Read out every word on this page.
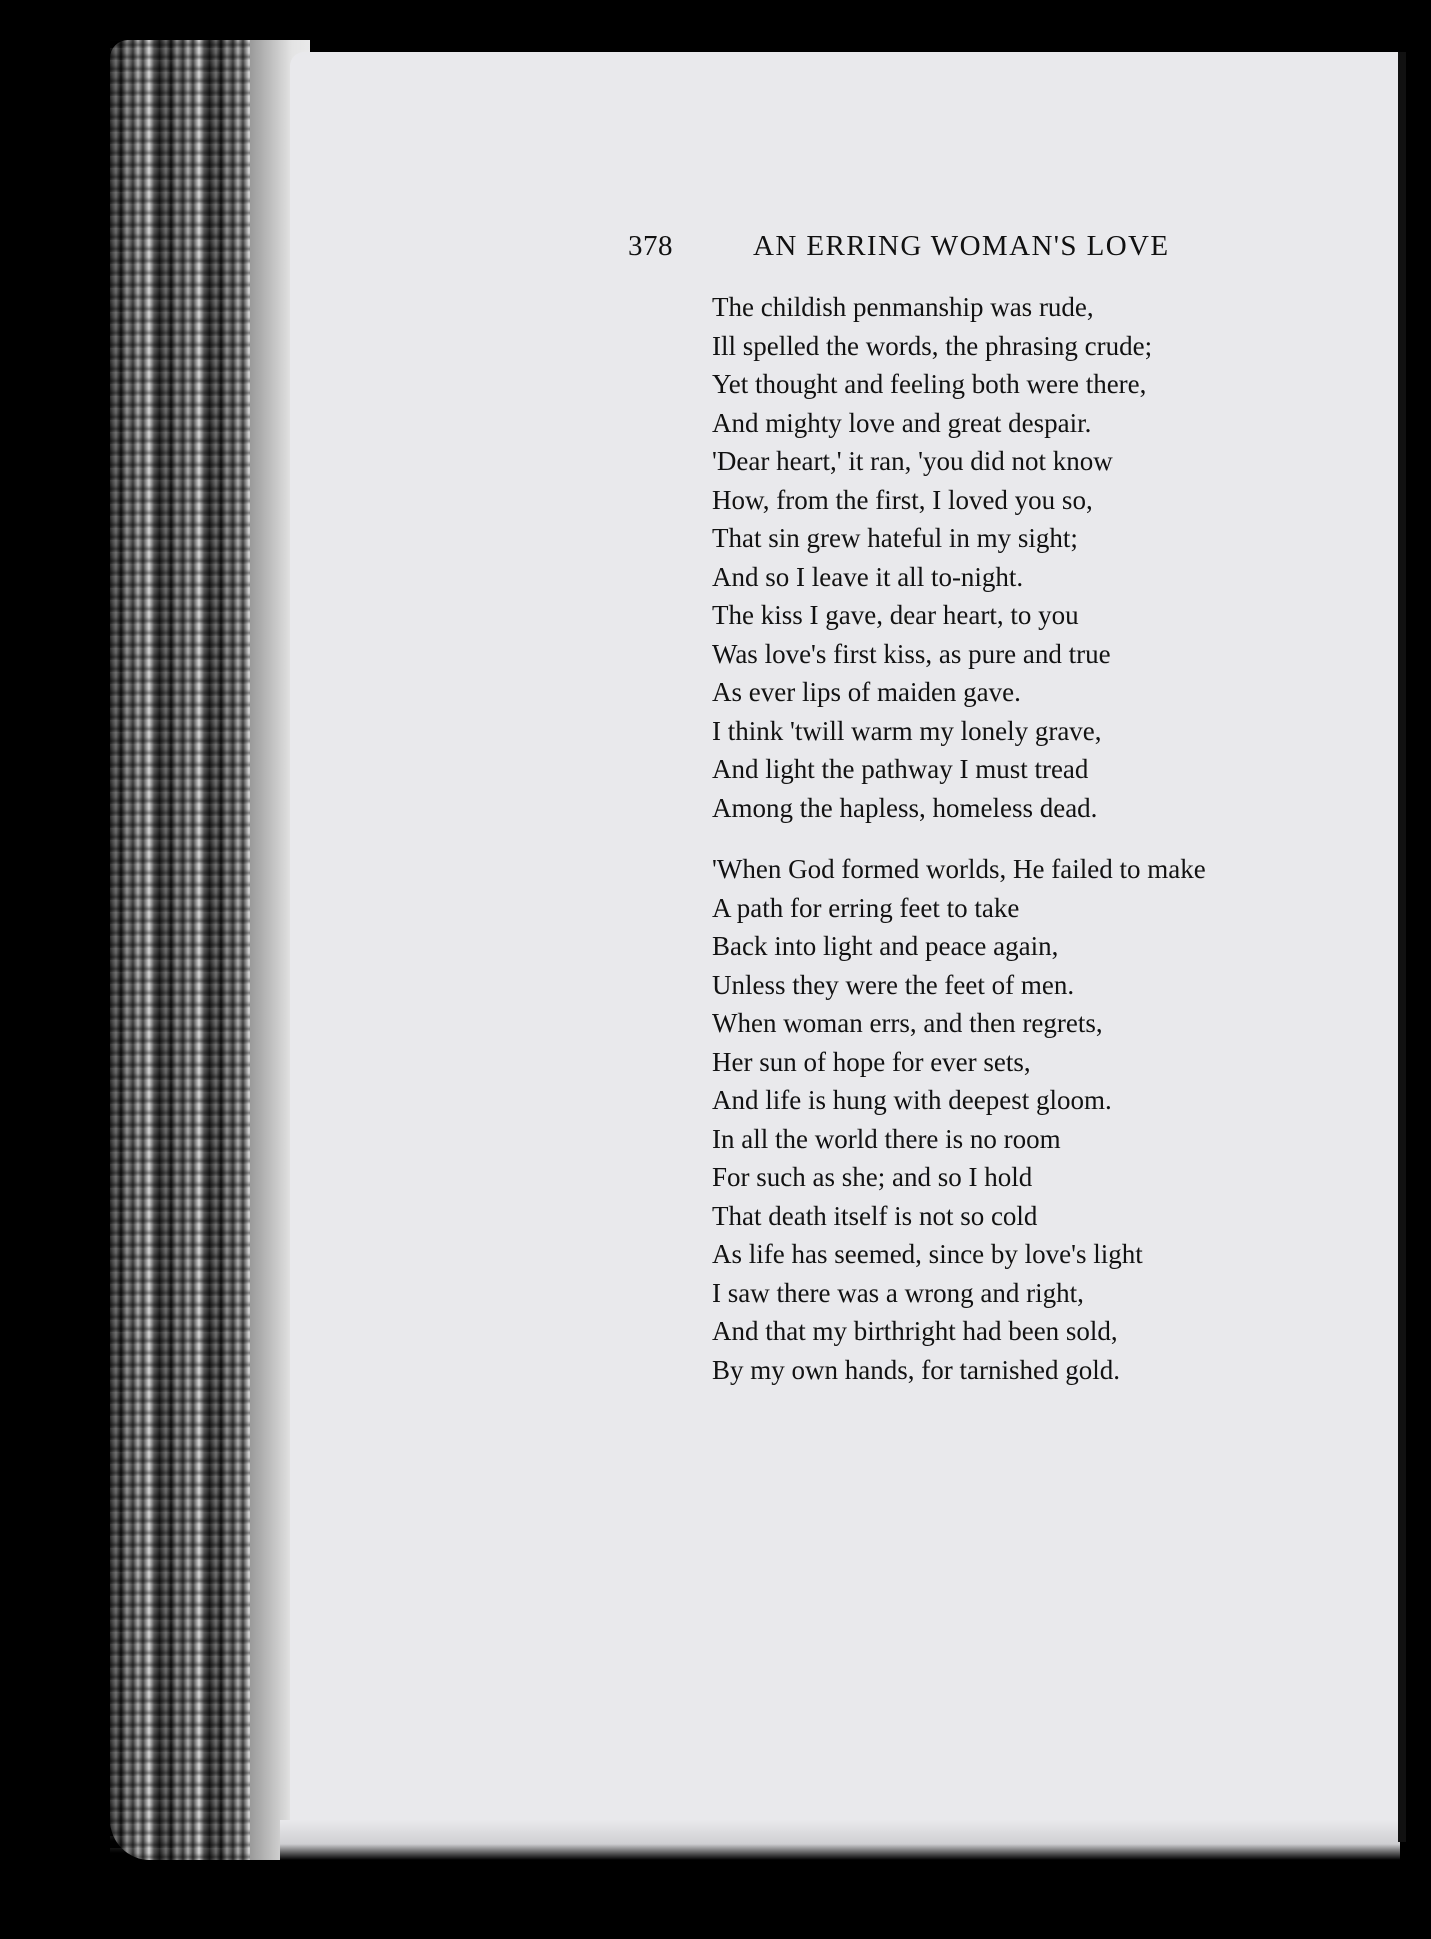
378	AN ERRING WOMAN'S LOVE
The childish penmanship was rude,
Ill spelled the words, the phrasing crude;
Yet thought and feeling both were there,
And mighty love and great despair.
'Dear heart,' it ran, 'you did not know
How, from the first, I loved you so,
That sin grew hateful in my sight;
And so I leave it all to-night.
The kiss I gave, dear heart, to you
Was love's first kiss, as pure and true
As ever lips of maiden gave.
I think 'twill warm my lonely grave,
And light the pathway I must tread
Among the hapless, homeless dead.
'When God formed worlds, He failed to make
A path for erring feet to take
Back into light and peace again,
Unless they were the feet of men.
When woman errs, and then regrets,
Her sun of hope for ever sets,
And life is hung with deepest gloom.
In all the world there is no room
For such as she; and so I hold
That death itself is not so cold
As life has seemed, since by love's light
I saw there was a wrong and right,
And that my birthright had been sold,
By my own hands, for tarnished gold.
